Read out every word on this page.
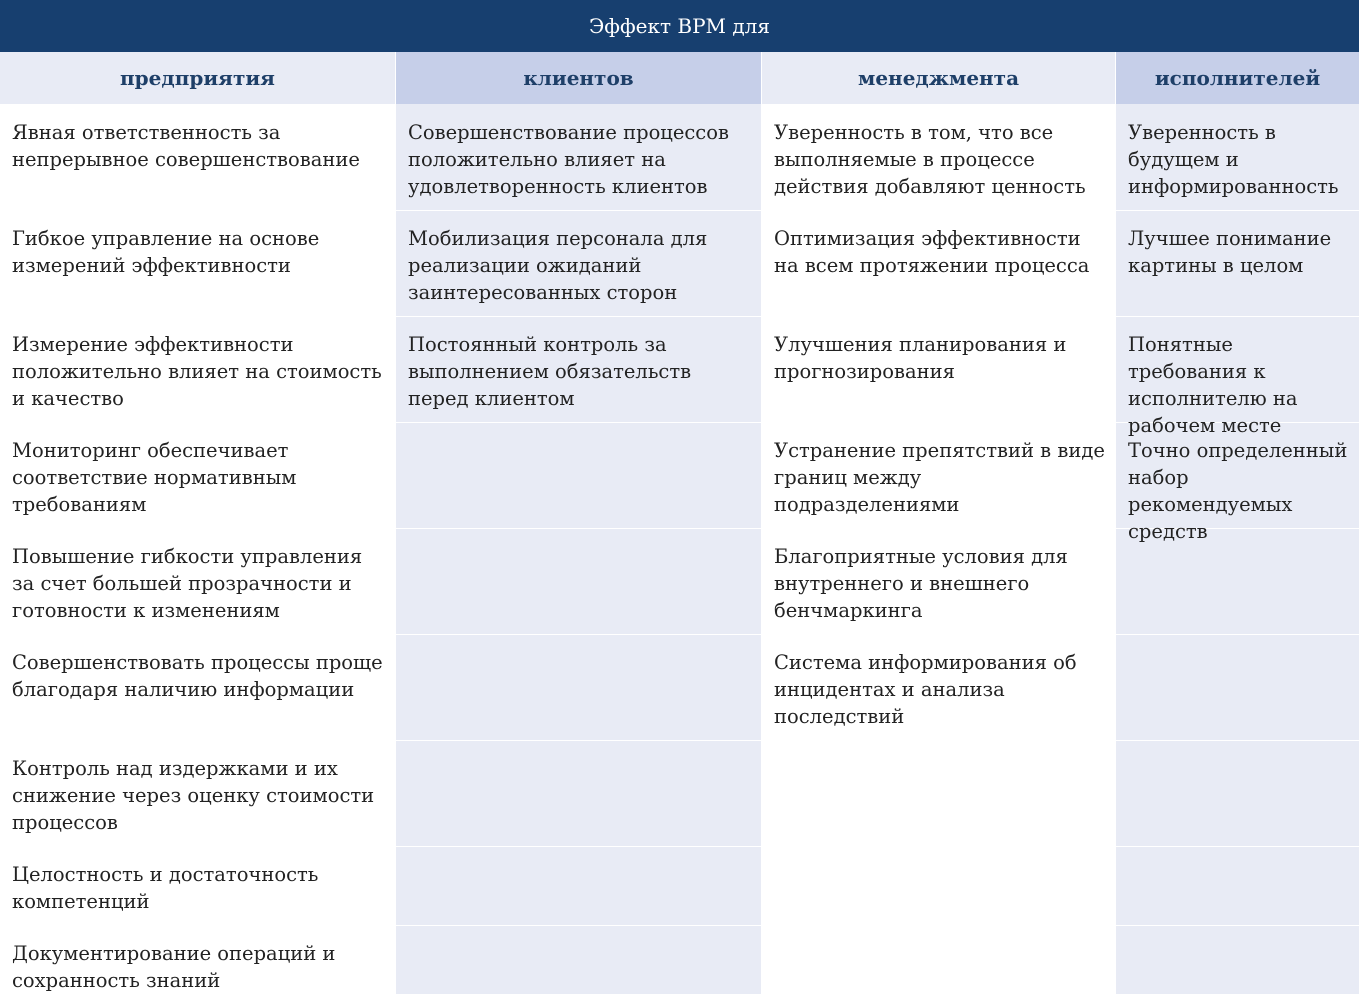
Эффект BPM для
предприятия
Явная ответственность за непрерывное совершенствование
Гибкое управление на основе измерений эффективности
Измерение эффективности положительно влияет на стоимость и качество
Мониторинг обеспечивает соответствие нормативным требованиям
Повышение гибкости управления за счет большей прозрачности и готовности к изменениям
Совершенствовать процессы проще благодаря наличию информации
Контроль над издержками и их снижение через оценку стоимости процессов
Целостность и достаточность компетенций
Документирование операций и сохранность знаний
клиентов
Совершенствование процессов положительно влияет на удовлетворенность клиентов
Мобилизация персонала для реализации ожиданий заинтересованных сторон
Постоянный контроль за выполнением обязательств перед клиентом
менеджмента
Уверенность в том, что все выполняемые в процессе действия добавляют ценность
Оптимизация эффективности на всем протяжении процесса
Улучшения планирования и прогнозирования
Устранение препятствий в виде границ между подразделениями
Благоприятные условия для внутреннего и внешнего бенчмаркинга
Система информирования об инцидентах и анализа последствий
исполнителей
Уверенность в будущем и информированность
Лучшее понимание картины в целом
Понятные требования к исполнителю на рабочем месте
Точно определенный набор рекомендуемых средств
